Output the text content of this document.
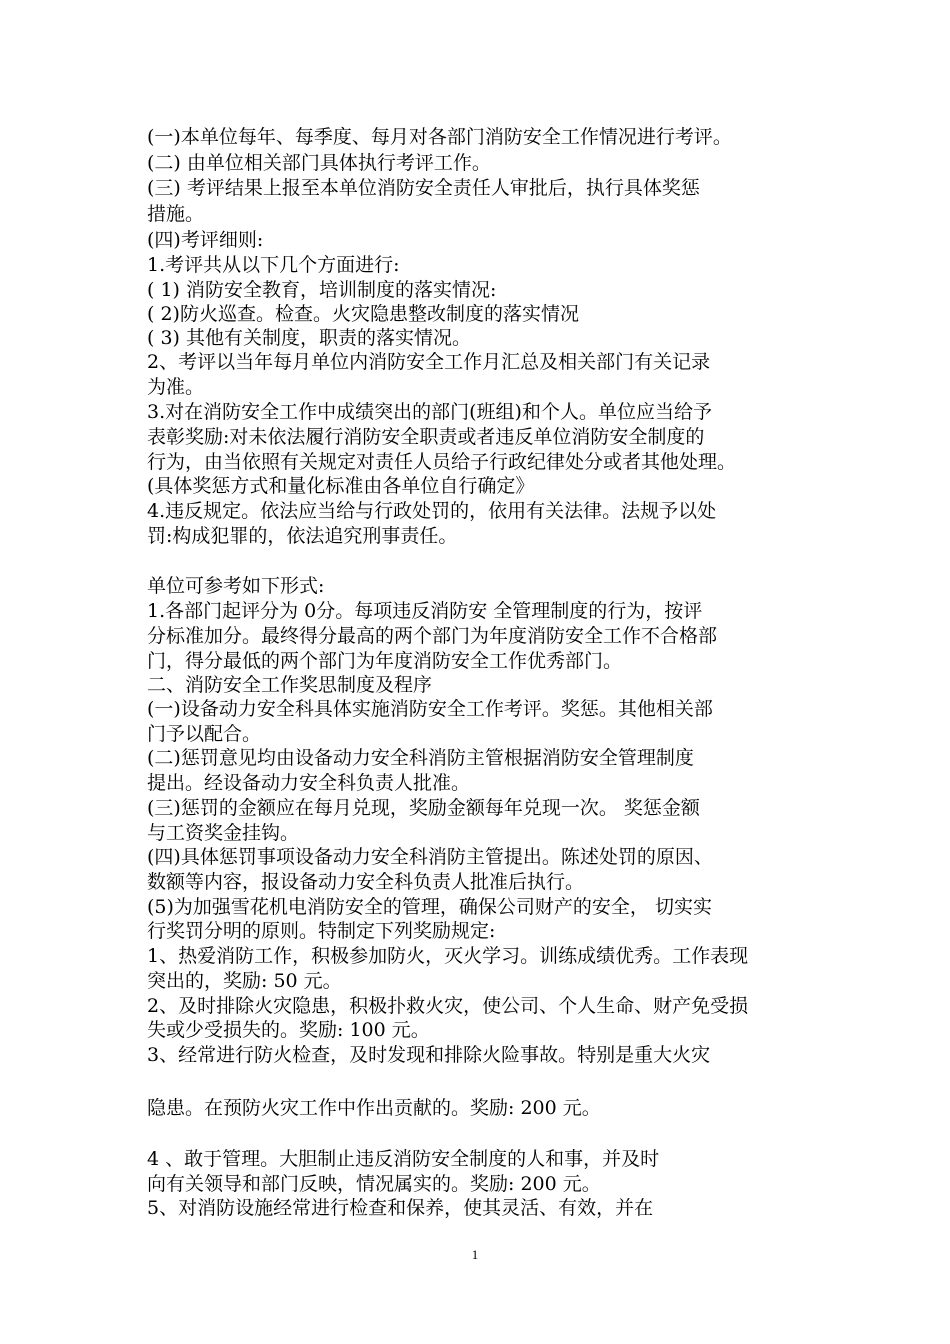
(一)本单位每年、每季度、每月对各部门消防安全工作情况进行考评。
(二) 由单位相关部门具体执行考评工作。
(三) 考评结果上报至本单位消防安全责任人审批后，执行具体奖惩
措施。
(四)考评细则:
1.考评共从以下几个方面进行:
( 1) 消防安全教育，培训制度的落实情况:
( 2)防火巡查。检查。火灾隐患整改制度的落实情况
( 3) 其他有关制度，职责的落实情况。
2、考评以当年每月单位内消防安全工作月汇总及相关部门有关记录
为准。
3.对在消防安全工作中成绩突出的部门(班组)和个人。单位应当给予
表彰奖励:对未依法履行消防安全职责或者违反单位消防安全制度的
行为，由当依照有关规定对责任人员给子行政纪律处分或者其他处理。
(具体奖惩方式和量化标准由各单位自行确定》
4.违反规定。依法应当给与行政处罚的，依用有关法律。法规予以处
罚:构成犯罪的，依法追究刑事责任。
单位可参考如下形式:
1.各部门起评分为 0分。每项违反消防安 全管理制度的行为，按评
分标准加分。最终得分最高的两个部门为年度消防安全工作不合格部
门，得分最低的两个部门为年度消防安全工作优秀部门。
二、消防安全工作奖思制度及程序
(一)设备动力安全科具体实施消防安全工作考评。奖惩。其他相关部
门予以配合。
(二)惩罚意见均由设备动力安全科消防主管根据消防安全管理制度
提出。经设备动力安全科负责人批准。
(三)惩罚的金额应在每月兑现，奖励金额每年兑现一次。 奖惩金额
与工资奖金挂钩。
(四)具体惩罚事项设备动力安全科消防主管提出。陈述处罚的原因、
数额等内容，报设备动力安全科负责人批准后执行。
(5)为加强雪花机电消防安全的管理，确保公司财产的安全， 切实实
行奖罚分明的原则。特制定下列奖励规定:
1、热爱消防工作，积极参加防火，灭火学习。训练成绩优秀。工作表现
突出的，奖励: 50 元。
2、及时排除火灾隐患，积极扑救火灾，使公司、个人生命、财产免受损
失或少受损失的。奖励: 100 元。
3、经常进行防火检查，及时发现和排除火险事故。特别是重大火灾
隐患。在预防火灾工作中作出贡献的。奖励: 200 元。
4 、敢于管理。大胆制止违反消防安全制度的人和事，并及时
向有关领导和部门反映，情况属实的。奖励: 200 元。
5、对消防设施经常进行检查和保养，使其灵活、有效，并在
1
